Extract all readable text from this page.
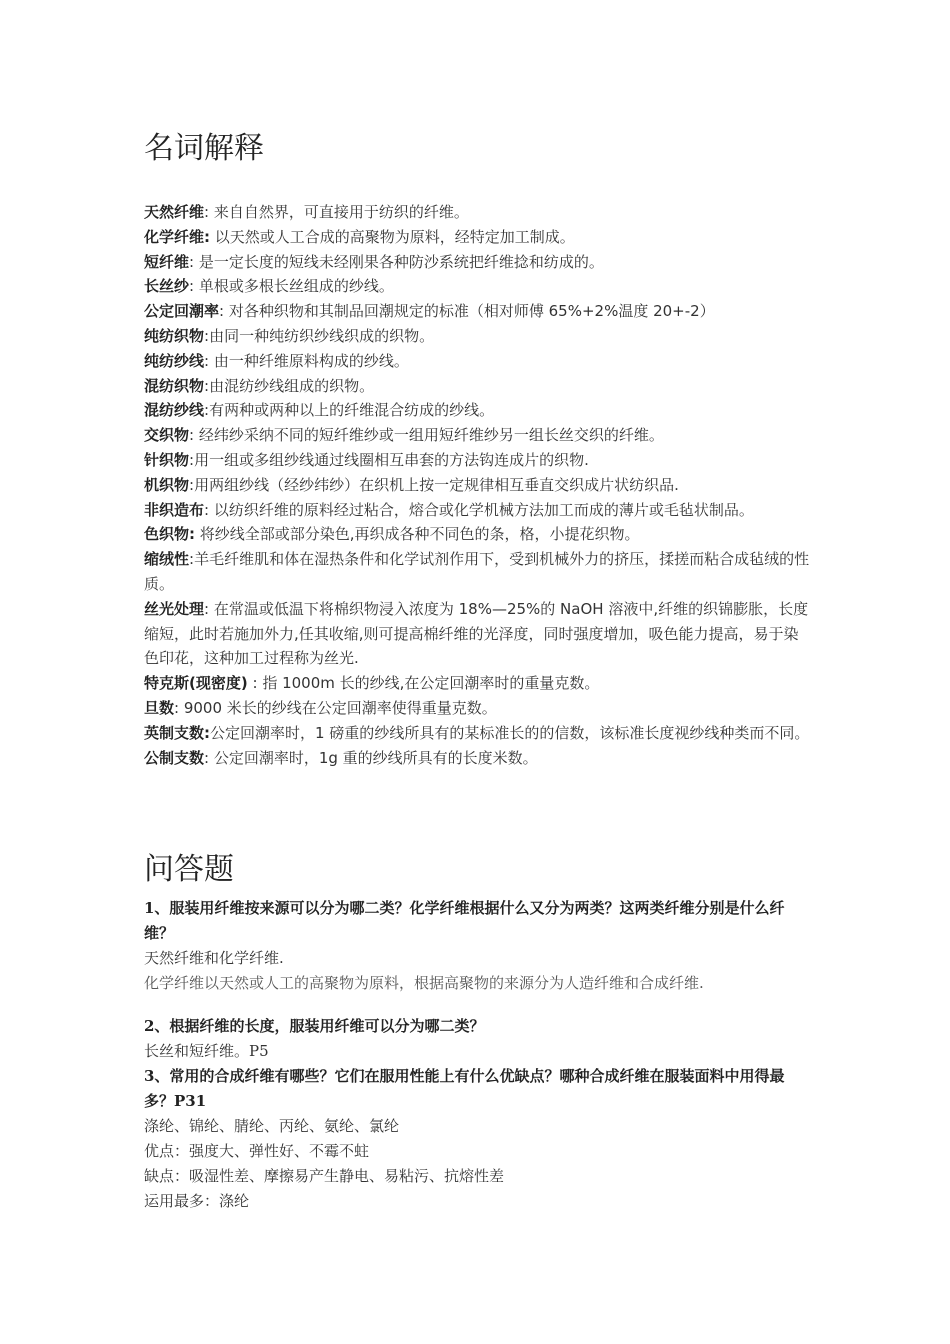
名词解释

天然纤维: 来自自然界，可直接用于纺织的纤维。

化学纤维: 以天然或人工合成的高聚物为原料，经特定加工制成。

短纤维: 是一定长度的短线未经刚果各种防沙系统把纤维捻和纺成的。

长丝纱: 单根或多根长丝组成的纱线。

公定回潮率: 对各种织物和其制品回潮规定的标准（相对师傅 65%+2%温度 20+-2）

纯纺织物:由同一种纯纺织纱线织成的织物。

纯纺纱线: 由一种纤维原料构成的纱线。

混纺织物:由混纺纱线组成的织物。

混纺纱线:有两种或两种以上的纤维混合纺成的纱线。

交织物: 经纬纱采纳不同的短纤维纱或一组用短纤维纱另一组长丝交织的纤维。

针织物:用一组或多组纱线通过线圈相互串套的方法钩连成片的织物.

机织物:用两组纱线（经纱纬纱）在织机上按一定规律相互垂直交织成片状纺织品.

非织造布: 以纺织纤维的原料经过粘合，熔合或化学机械方法加工而成的薄片或毛毡状制品。

色织物: 将纱线全部或部分染色,再织成各种不同色的条，格，小提花织物。

缩绒性:羊毛纤维肌和体在湿热条件和化学试剂作用下，受到机械外力的挤压，揉搓而粘合成毡绒的性质。

丝光处理: 在常温或低温下将棉织物浸入浓度为 18%—25%的 NaOH 溶液中,纤维的织锦膨胀，长度缩短，此时若施加外力,任其收缩,则可提高棉纤维的光泽度，同时强度增加，吸色能力提高，易于染色印花，这种加工过程称为丝光.

特克斯(现密度) : 指 1000m 长的纱线,在公定回潮率时的重量克数。

旦数: 9000 米长的纱线在公定回潮率使得重量克数。

英制支数:公定回潮率时，1 磅重的纱线所具有的某标准长的的信数，该标准长度视纱线种类而不同。

公制支数: 公定回潮率时，1g 重的纱线所具有的长度米数。

问答题

1、服装用纤维按来源可以分为哪二类？化学纤维根据什么又分为两类？这两类纤维分别是什么纤维？

天然纤维和化学纤维.

化学纤维以天然或人工的高聚物为原料，根据高聚物的来源分为人造纤维和合成纤维.

2、根据纤维的长度，服装用纤维可以分为哪二类？

长丝和短纤维。P5

3、常用的合成纤维有哪些？它们在服用性能上有什么优缺点？哪种合成纤维在服装面料中用得最多？P31

涤纶、锦纶、腈纶、丙纶、氨纶、氯纶

优点：强度大、弹性好、不霉不蛀

缺点：吸湿性差、摩擦易产生静电、易粘污、抗熔性差

运用最多：涤纶
